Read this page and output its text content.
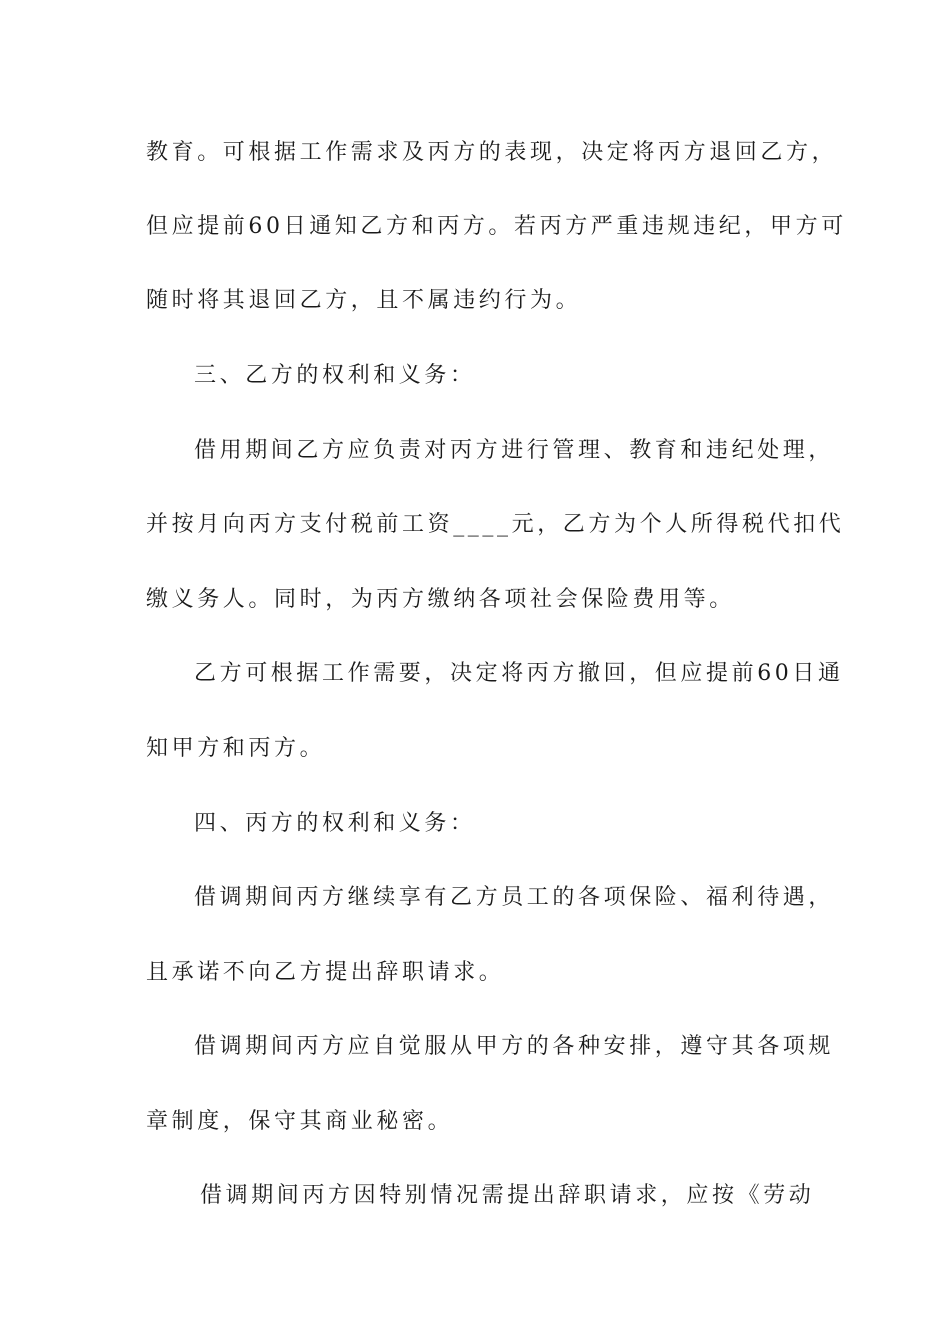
教育。可根据工作需求及丙方的表现，决定将丙方退回乙方，
但应提前60日通知乙方和丙方。若丙方严重违规违纪，甲方可
随时将其退回乙方，且不属违约行为。
三、乙方的权利和义务：
借用期间乙方应负责对丙方进行管理、教育和违纪处理，
并按月向丙方支付税前工资____元，乙方为个人所得税代扣代
缴义务人。同时，为丙方缴纳各项社会保险费用等。
乙方可根据工作需要，决定将丙方撤回，但应提前60日通
知甲方和丙方。
四、丙方的权利和义务：
借调期间丙方继续享有乙方员工的各项保险、福利待遇，
且承诺不向乙方提出辞职请求。
借调期间丙方应自觉服从甲方的各种安排，遵守其各项规
章制度，保守其商业秘密。
借调期间丙方因特别情况需提出辞职请求，应按《劳动
